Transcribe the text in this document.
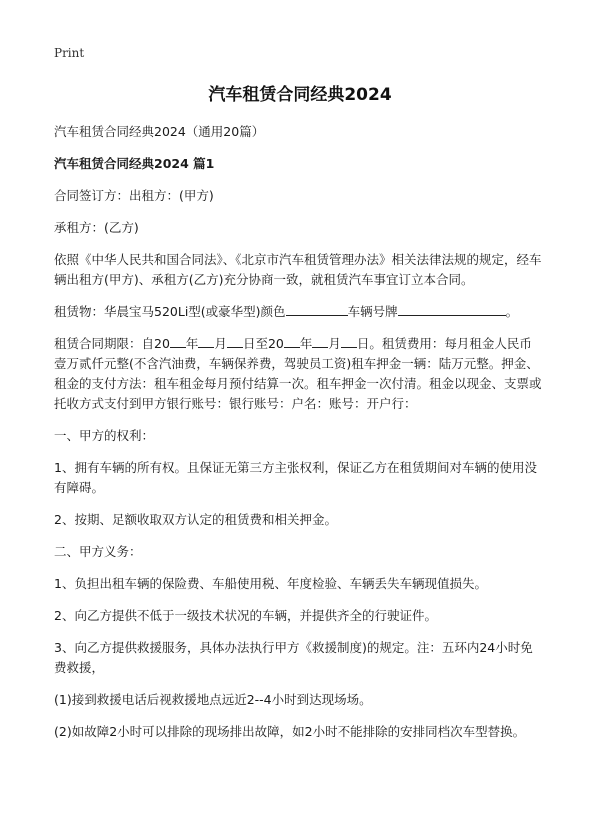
Print
汽车租赁合同经典2024

汽车租赁合同经典2024（通用20篇）

汽车租赁合同经典2024 篇1

合同签订方：出租方：(甲方)

承租方：(乙方)

依照《中华人民共和国合同法》、《北京市汽车租赁管理办法》相关法律法规的规定，经车辆出租方(甲方)、承租方(乙方)充分协商一致，就租赁汽车事宜订立本合同。

租赁物：华晨宝马520Li型(或豪华型)颜色	车辆号牌	。

租赁合同期限：自20 年 月 日至20 年 月 日。租赁费用：每月租金人民币壹万贰仟元整(不含汽油费，车辆保养费，驾驶员工资)租车押金一辆：陆万元整。押金、租金的支付方法：租车租金每月预付结算一次。租车押金一次付清。租金以现金、支票或托收方式支付到甲方银行账号：银行账号：户名：账号：开户行：

一、甲方的权利：

1、拥有车辆的所有权。且保证无第三方主张权利，保证乙方在租赁期间对车辆的使用没有障碍。

2、按期、足额收取双方认定的租赁费和相关押金。

二、甲方义务：

1、负担出租车辆的保险费、车船使用税、年度检验、车辆丢失车辆现值损失。

2、向乙方提供不低于一级技术状况的车辆，并提供齐全的行驶证件。

3、向乙方提供救援服务，具体办法执行甲方《救援制度)的规定。注：五环内24小时免费救援，

(1)接到救援电话后视救援地点远近2--4小时到达现场场。

(2)如故障2小时可以排除的现场排出故障，如2小时不能排除的安排同档次车型替换。
